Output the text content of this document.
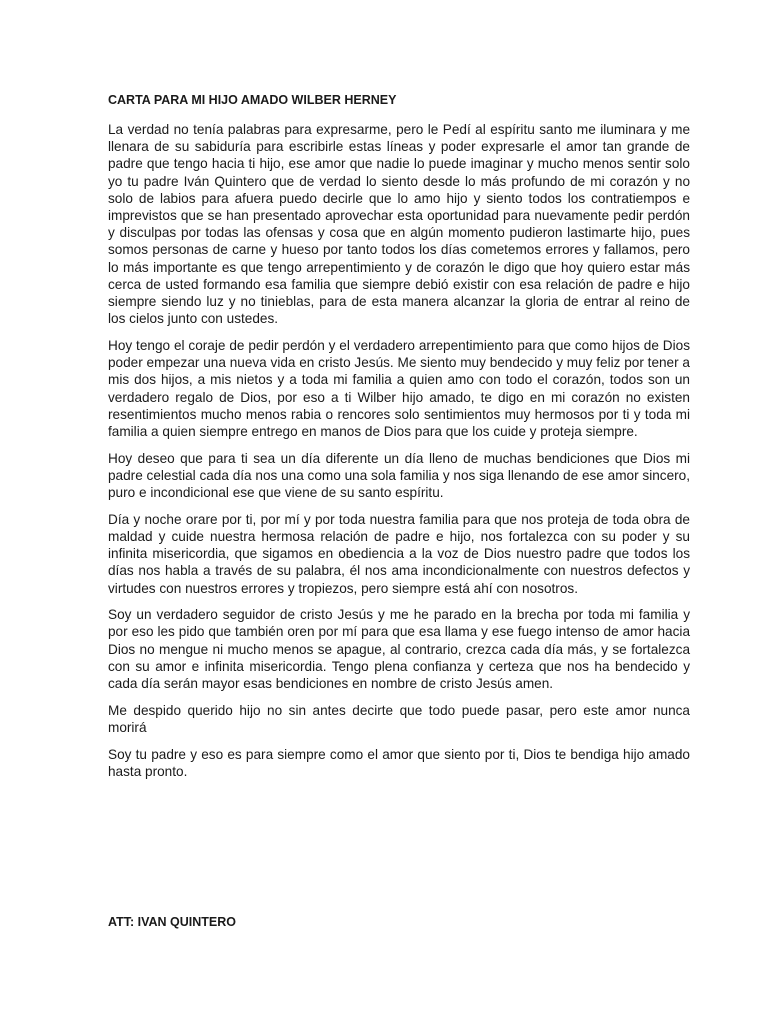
CARTA PARA MI HIJO AMADO WILBER HERNEY

La verdad no tenía palabras para expresarme, pero le Pedí al espíritu santo me iluminara y me llenara de su sabiduría para escribirle estas líneas y poder expresarle el amor tan grande de padre que tengo hacia ti hijo, ese amor que nadie lo puede imaginar y mucho menos sentir solo yo tu padre Iván Quintero que de verdad lo siento desde lo más profundo de mi corazón y no solo de labios para afuera puedo decirle que lo amo hijo y siento todos los contratiempos e imprevistos que se han presentado aprovechar esta oportunidad para nuevamente pedir perdón y disculpas por todas las ofensas y cosa que en algún momento pudieron lastimarte hijo, pues somos personas de carne y hueso por tanto todos los días cometemos errores y fallamos, pero lo más importante es que tengo arrepentimiento y de corazón le digo que hoy quiero estar más cerca de usted formando esa familia que siempre debió existir con esa relación de padre e hijo siempre siendo luz y no tinieblas, para de esta manera alcanzar la gloria de entrar al reino de los cielos junto con ustedes.

Hoy tengo el coraje de pedir perdón y el verdadero arrepentimiento para que como hijos de Dios poder empezar una nueva vida en cristo Jesús. Me siento muy bendecido y muy feliz por tener a mis dos hijos, a mis nietos y a toda mi familia a quien amo con todo el corazón, todos son un verdadero regalo de Dios, por eso a ti Wilber hijo amado, te digo en mi corazón no existen resentimientos mucho menos rabia o rencores solo sentimientos muy hermosos por ti y toda mi familia a quien siempre entrego en manos de Dios para que los cuide y proteja siempre.

Hoy deseo que para ti sea un día diferente un día lleno de muchas bendiciones que Dios mi padre celestial cada día nos una como una sola familia y nos siga llenando de ese amor sincero, puro e incondicional ese que viene de su santo espíritu.

Día y noche orare por ti, por mí y por toda nuestra familia para que nos proteja de toda obra de maldad y cuide nuestra hermosa relación de padre e hijo, nos fortalezca con su poder y su infinita misericordia, que sigamos en obediencia a la voz de Dios nuestro padre que todos los días nos habla a través de su palabra, él nos ama incondicionalmente con nuestros defectos y virtudes con nuestros errores y tropiezos, pero siempre está ahí con nosotros.

Soy un verdadero seguidor de cristo Jesús y me he parado en la brecha por toda mi familia y por eso les pido que también oren por mí para que esa llama y ese fuego intenso de amor hacia Dios no mengue ni mucho menos se apague, al contrario, crezca cada día más, y se fortalezca con su amor e infinita misericordia. Tengo plena confianza y certeza que nos ha bendecido y cada día serán mayor esas bendiciones en nombre de cristo Jesús amen.

Me despido querido hijo no sin antes decirte que todo puede pasar, pero este amor nunca morirá

Soy tu padre y eso es para siempre como el amor que siento por ti, Dios te bendiga hijo amado hasta pronto.

ATT: IVAN QUINTERO
